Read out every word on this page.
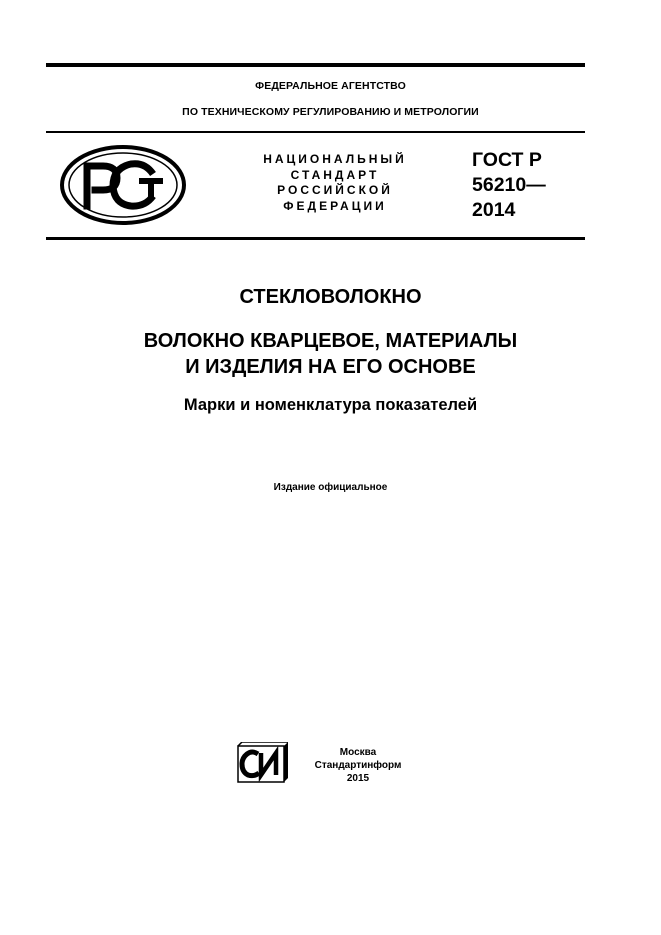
ФЕДЕРАЛЬНОЕ АГЕНТСТВО
ПО ТЕХНИЧЕСКОМУ РЕГУЛИРОВАНИЮ И МЕТРОЛОГИИ
НАЦИОНАЛЬНЫЙ
СТАНДАРТ
РОССИЙСКОЙ
ФЕДЕРАЦИИ
ГОСТ Р
56210—
2014
СТЕКЛОВОЛОКНО
ВОЛОКНО КВАРЦЕВОЕ, МАТЕРИАЛЫ
И ИЗДЕЛИЯ НА ЕГО ОСНОВЕ
Марки и номенклатура показателей
Издание официальное
Москва
Стандартинформ
2015
